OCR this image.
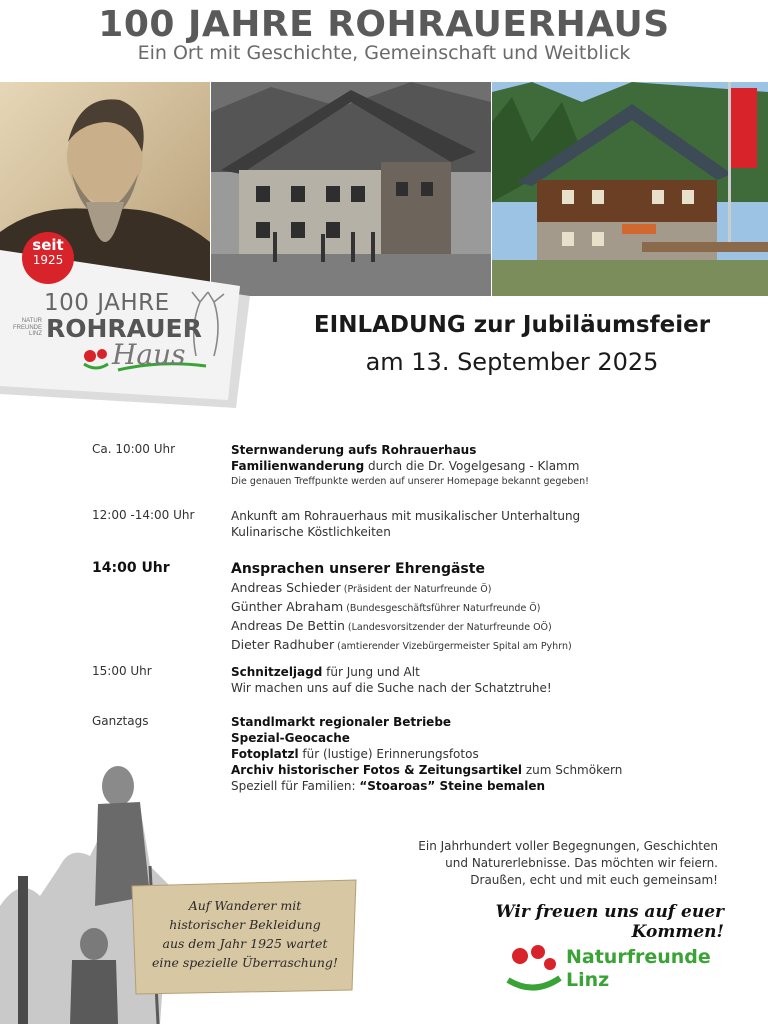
100 JAHRE ROHRAUERHAUS
Ein Ort mit Geschichte, Gemeinschaft und Weitblick
seit
1925
NATUR FREUNDE LINZ
100 JAHRE
ROHRAUER
Haus
EINLADUNG zur Jubiläumsfeier
am 13. September 2025
Ca. 10:00 Uhr	Sternwanderung aufs Rohrauerhaus
Familienwanderung durch die Dr. Vogelgesang - Klamm
Die genauen Treffpunkte werden auf unserer Homepage bekannt gegeben!
12:00 -14:00 Uhr	Ankunft am Rohrauerhaus mit musikalischer Unterhaltung
Kulinarische Köstlichkeiten
14:00 Uhr	Ansprachen unserer Ehrengäste
Andreas Schieder (Präsident der Naturfreunde Ö)
Günther Abraham (Bundesgeschäftsführer Naturfreunde Ö)
Andreas De Bettin (Landesvorsitzender der Naturfreunde OÖ)
Dieter Radhuber (amtierender Vizebürgermeister Spital am Pyhrn)
15:00 Uhr	Schnitzeljagd für Jung und Alt
Wir machen uns auf die Suche nach der Schatztruhe!
Ganztags	Standlmarkt regionaler Betriebe
Spezial-Geocache
Fotoplatzl für (lustige) Erinnerungsfotos
Archiv historischer Fotos & Zeitungsartikel zum Schmökern
Speziell für Familien: “Stoaroas” Steine bemalen
Auf Wanderer mit
historischer Bekleidung
aus dem Jahr 1925 wartet
eine spezielle Überraschung!
Ein Jahrhundert voller Begegnungen, Geschichten
und Naturerlebnisse. Das möchten wir feiern.
Draußen, echt und mit euch gemeinsam!
Wir freuen uns auf euer Kommen!
Naturfreunde
Linz
